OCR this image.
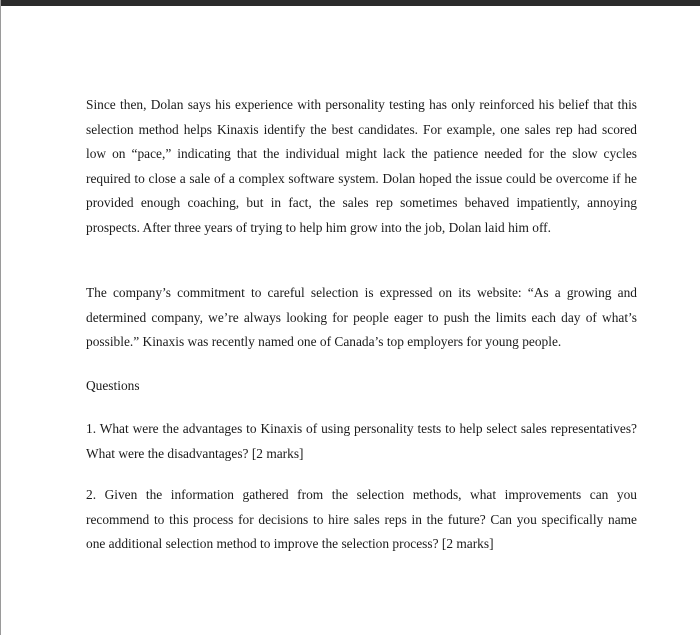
Since then, Dolan says his experience with personality testing has only reinforced his belief that this selection method helps Kinaxis identify the best candidates. For example, one sales rep had scored low on “pace,” indicating that the individual might lack the patience needed for the slow cycles required to close a sale of a complex software system. Dolan hoped the issue could be overcome if he provided enough coaching, but in fact, the sales rep sometimes behaved impatiently, annoying prospects. After three years of trying to help him grow into the job, Dolan laid him off.

The company’s commitment to careful selection is expressed on its website: “As a growing and determined company, we’re always looking for people eager to push the limits each day of what’s possible.” Kinaxis was recently named one of Canada’s top employers for young people.

Questions

1. What were the advantages to Kinaxis of using personality tests to help select sales representatives? What were the disadvantages? [2 marks]

2. Given the information gathered from the selection methods, what improvements can you recommend to this process for decisions to hire sales reps in the future? Can you specifically name one additional selection method to improve the selection process? [2 marks]
